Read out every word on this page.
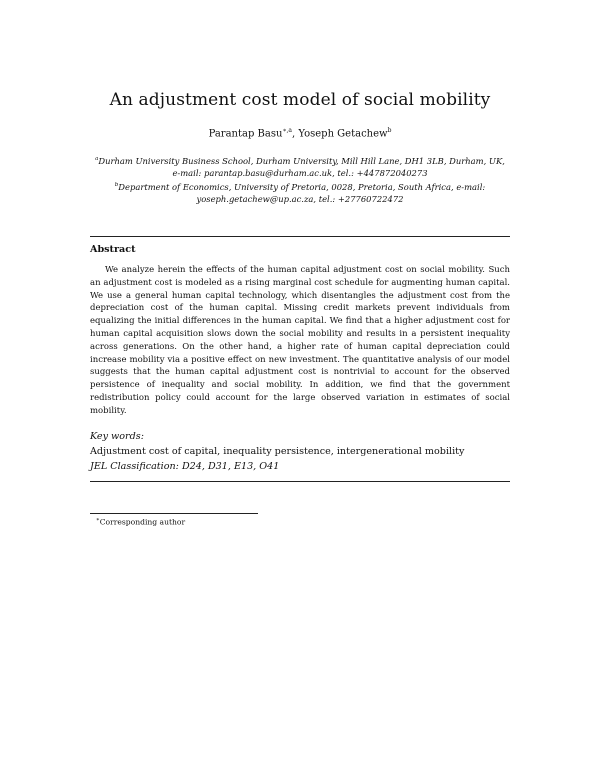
An adjustment cost model of social mobility
Parantap Basu$^{∗,a}$, Yoseph Getachew$^b$
$^a$Durham University Business School, Durham University, Mill Hill Lane, DH1 3LB, Durham, UK, e-mail: parantap.basu@durham.ac.uk, tel.: +447872040273
$^b$Department of Economics, University of Pretoria, 0028, Pretoria, South Africa, e-mail: yoseph.getachew@up.ac.za, tel.: +27760722472
Abstract
We analyze herein the effects of the human capital adjustment cost on social mobility. Such an adjustment cost is modeled as a rising marginal cost schedule for augmenting human capital. We use a general human capital technology, which disentangles the adjustment cost from the depreciation cost of the human capital. Missing credit markets prevent individuals from equalizing the initial differences in the human capital. We find that a higher adjustment cost for human capital acquisition slows down the social mobility and results in a persistent inequality across generations. On the other hand, a higher rate of human capital depreciation could increase mobility via a positive effect on new investment. The quantitative analysis of our model suggests that the human capital adjustment cost is nontrivial to account for the observed persistence of inequality and social mobility. In addition, we find that the government redistribution policy could account for the large observed variation in estimates of social mobility.
Key words:
Adjustment cost of capital, inequality persistence, intergenerational mobility
JEL Classification: D24, D31, E13, O41
∗Corresponding author
